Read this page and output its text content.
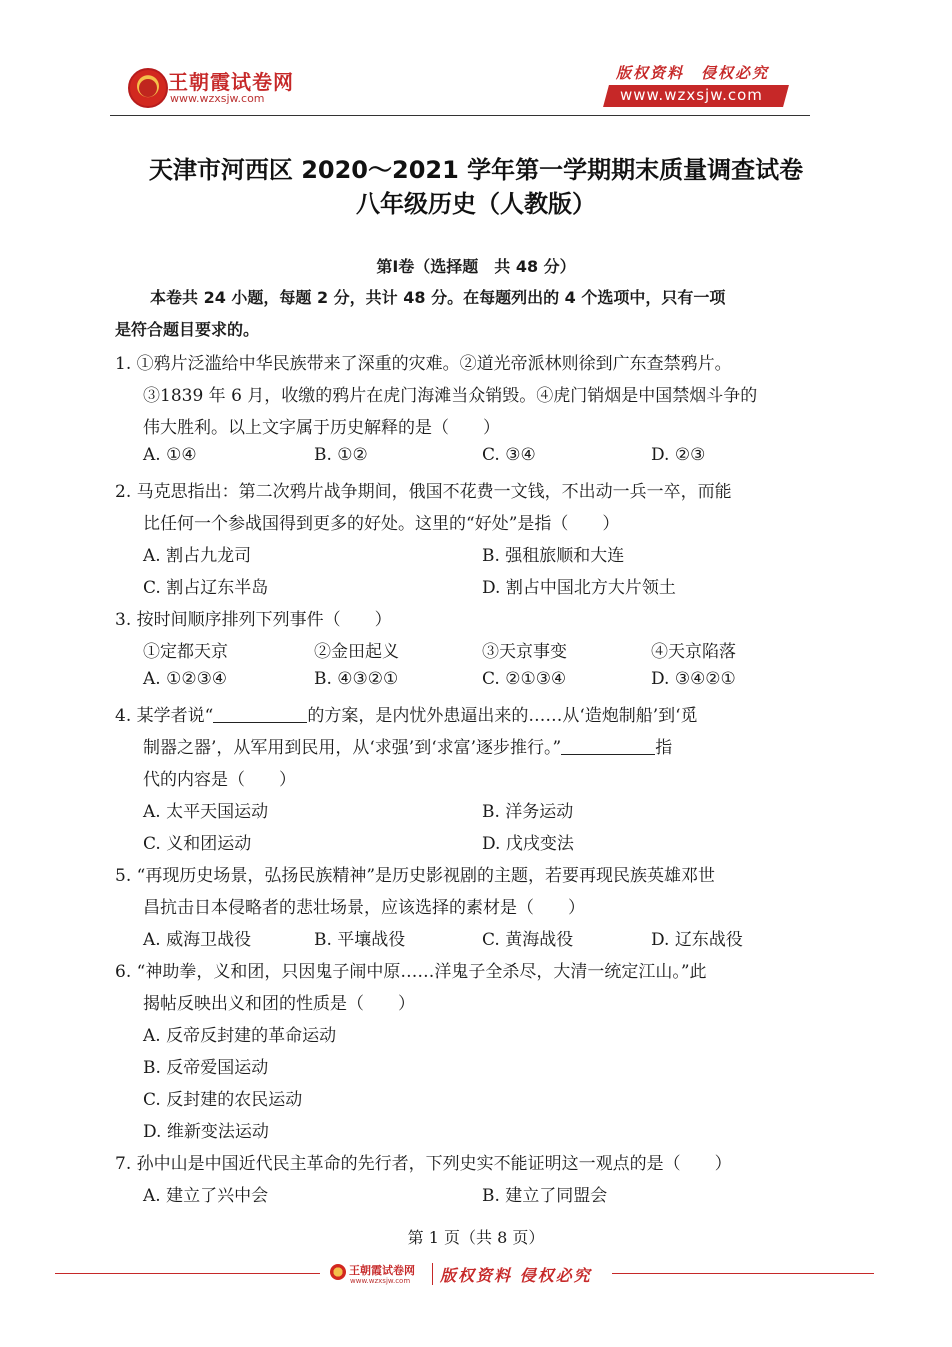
王朝霞试卷网
www.wzxsjw.com
版权资料　侵权必究
www.wzxsjw.com
天津市河西区 2020～2021 学年第一学期期末质量调查试卷
八年级历史（人教版）
第Ⅰ卷（选择题　共 48 分）
本卷共 24 小题，每题 2 分，共计 48 分。在每题列出的 4 个选项中，只有一项
是符合题目要求的。
1. ①鸦片泛滥给中华民族带来了深重的灾难。②道光帝派林则徐到广东查禁鸦片。
③1839 年 6 月，收缴的鸦片在虎门海滩当众销毁。④虎门销烟是中国禁烟斗争的
伟大胜利。以上文字属于历史解释的是（　　）
A. ①④	B. ①②	C. ③④	D. ②③
2. 马克思指出：第二次鸦片战争期间，俄国不花费一文钱，不出动一兵一卒，而能
比任何一个参战国得到更多的好处。这里的“好处”是指（　　）
A. 割占九龙司	B. 强租旅顺和大连
C. 割占辽东半岛	D. 割占中国北方大片领土
3. 按时间顺序排列下列事件（　　）
①定都天京	②金田起义	③天京事变	④天京陷落
A. ①②③④	B. ④③②①	C. ②①③④	D. ③④②①
4. 某学者说“	的方案，是内忧外患逼出来的……从‘造炮制船’到‘觅
制器之器’，从军用到民用，从‘求强’到‘求富’逐步推行。”	指
代的内容是（　　）
A. 太平天国运动	B. 洋务运动
C. 义和团运动	D. 戊戌变法
5. “再现历史场景，弘扬民族精神”是历史影视剧的主题，若要再现民族英雄邓世
昌抗击日本侵略者的悲壮场景，应该选择的素材是（　　）
A. 威海卫战役	B. 平壤战役	C. 黄海战役	D. 辽东战役
6. “神助拳，义和团，只因鬼子闹中原……洋鬼子全杀尽，大清一统定江山。”此
揭帖反映出义和团的性质是（　　）
A. 反帝反封建的革命运动
B. 反帝爱国运动
C. 反封建的农民运动
D. 维新变法运动
7. 孙中山是中国近代民主革命的先行者，下列史实不能证明这一观点的是（　　）
A. 建立了兴中会	B. 建立了同盟会
第 1 页（共 8 页）
王朝霞试卷网
www.wzxsjw.com 版权资料 侵权必究
